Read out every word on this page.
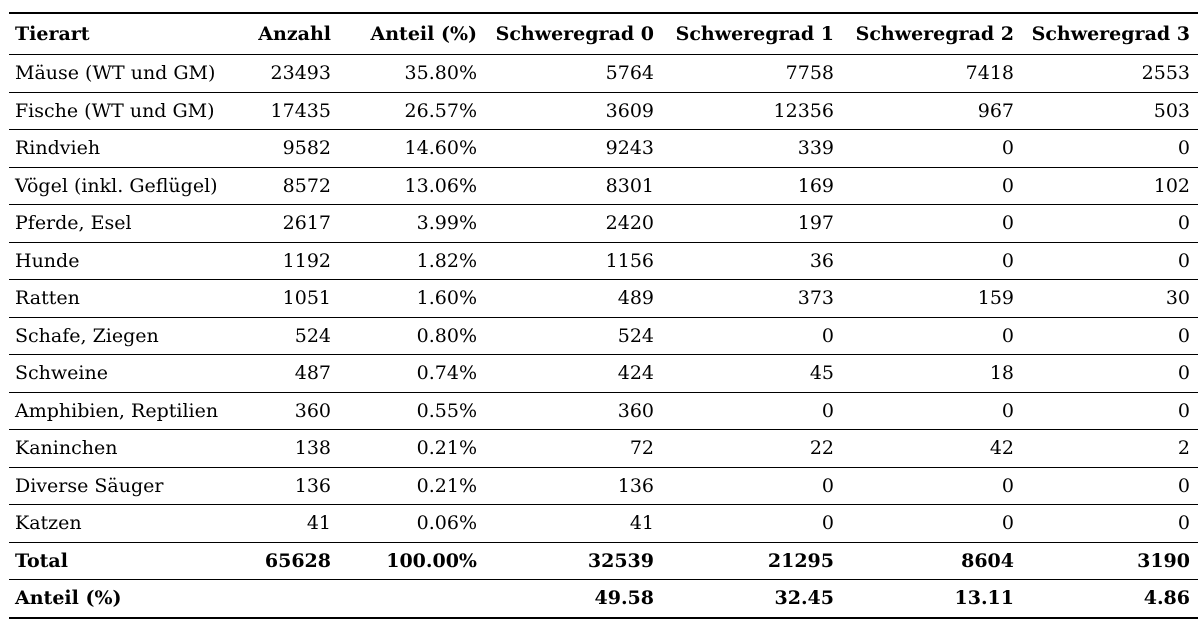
Tierart	Anzahl	Anteil (%)	Schweregrad 0	Schweregrad 1	Schweregrad 2	Schweregrad 3
Mäuse (WT und GM)	23493	35.80%	5764	7758	7418	2553
Fische (WT und GM)	17435	26.57%	3609	12356	967	503
Rindvieh	9582	14.60%	9243	339	0	0
Vögel (inkl. Geflügel)	8572	13.06%	8301	169	0	102
Pferde, Esel	2617	3.99%	2420	197	0	0
Hunde	1192	1.82%	1156	36	0	0
Ratten	1051	1.60%	489	373	159	30
Schafe, Ziegen	524	0.80%	524	0	0	0
Schweine	487	0.74%	424	45	18	0
Amphibien, Reptilien	360	0.55%	360	0	0	0
Kaninchen	138	0.21%	72	22	42	2
Diverse Säuger	136	0.21%	136	0	0	0
Katzen	41	0.06%	41	0	0	0
Total	65628	100.00%	32539	21295	8604	3190
Anteil (%)			49.58	32.45	13.11	4.86
